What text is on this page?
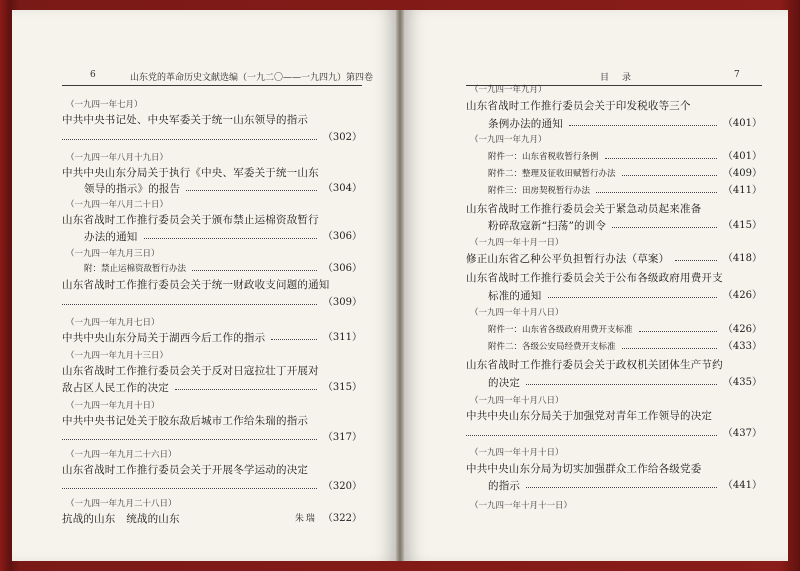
6	山东党的革命历史文献选编（一九二〇——一九四九）第四卷
（一九四一年七月）
中共中央书记处、中央军委关于统一山东领导的指示
（302）
（一九四一年八月十九日）
中共中央山东分局关于执行《中央、军委关于统一山东
领导的指示》的报告	（304）
（一九四一年八月二十日）
山东省战时工作推行委员会关于颁布禁止运棉资敌暂行
办法的通知	（306）
（一九四一年九月三日）
附：禁止运棉资敌暂行办法	（306）
山东省战时工作推行委员会关于统一财政收支问题的通知
（309）
（一九四一年九月七日）
中共中央山东分局关于湖西今后工作的指示	（311）
（一九四一年九月十三日）
山东省战时工作推行委员会关于反对日寇拉壮丁开展对
敌占区人民工作的决定	（315）
（一九四一年九月十日）
中共中央书记处关于胶东敌后城市工作给朱瑞的指示
（317）
（一九四一年九月二十六日）
山东省战时工作推行委员会关于开展冬学运动的决定
（320）
（一九四一年九月二十八日）
抗战的山东　统战的山东	朱瑞 （322）
目　录	7
（一九四一年九月）
山东省战时工作推行委员会关于印发税收等三个
条例办法的通知	（401）
（一九四一年九月）
附件一：山东省税收暂行条例	（401）
附件二：整理及征收田赋暂行办法	（409）
附件三：田房契税暂行办法	（411）
山东省战时工作推行委员会关于紧急动员起来准备
粉碎敌寇新“扫荡”的训令	（415）
（一九四一年十月一日）
修正山东省乙种公平负担暂行办法（草案）	（418）
山东省战时工作推行委员会关于公布各级政府用费开支
标准的通知	（426）
（一九四一年十月八日）
附件一：山东省各级政府用费开支标准	（426）
附件二：各级公安局经费开支标准	（433）
山东省战时工作推行委员会关于政权机关团体生产节约
的决定	（435）
（一九四一年十月八日）
中共中央山东分局关于加强党对青年工作领导的决定
（437）
（一九四一年十月十日）
中共中央山东分局为切实加强群众工作给各级党委
的指示	（441）
（一九四一年十月十一日）
